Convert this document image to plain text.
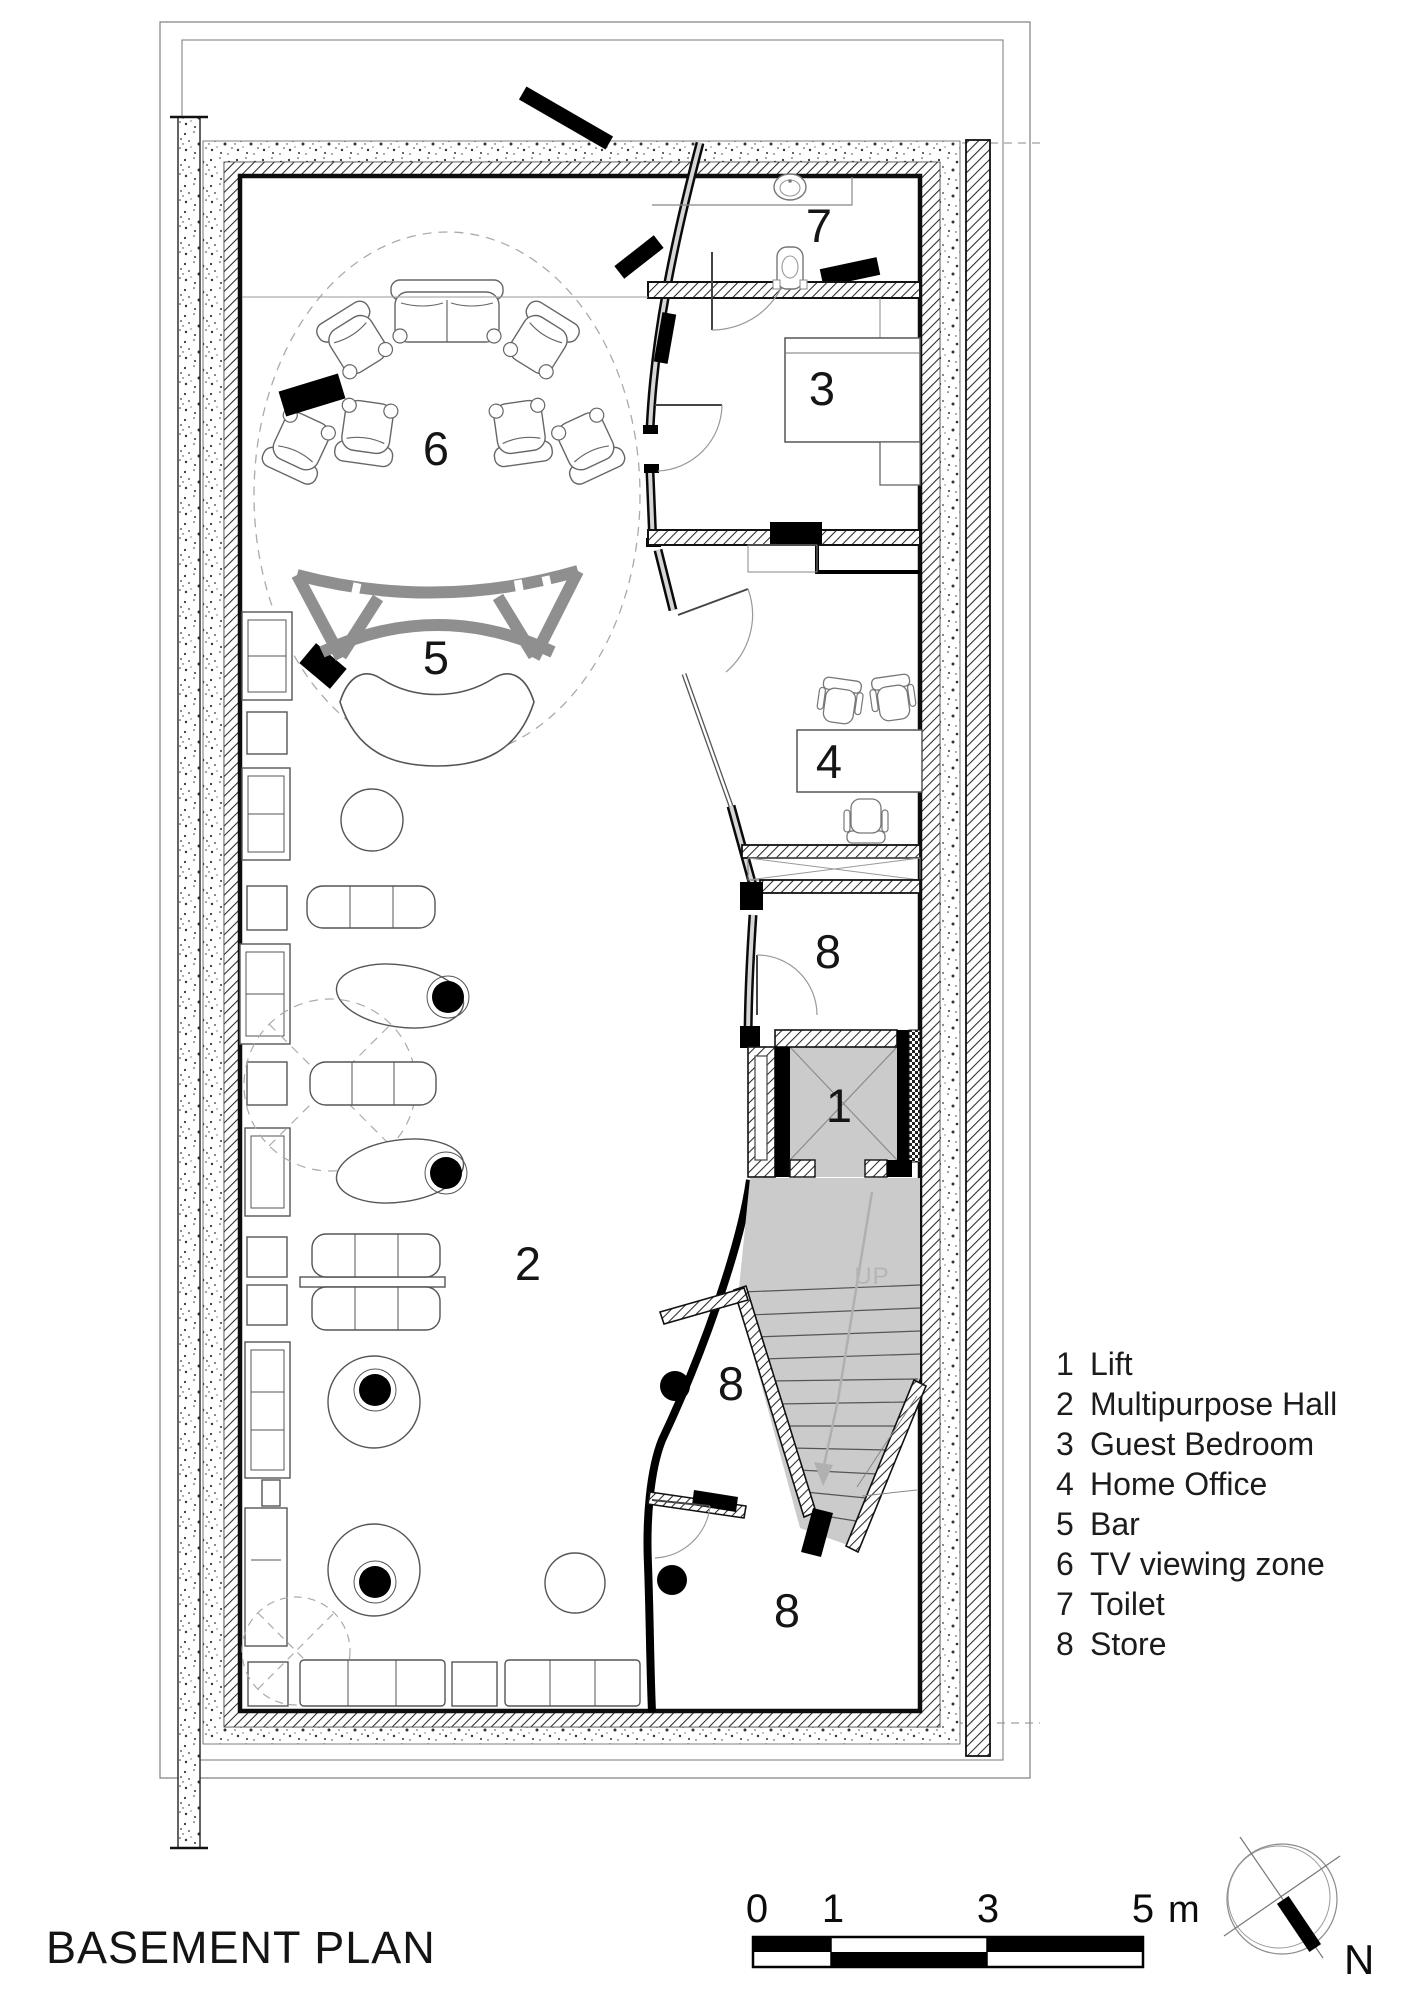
UP
1
2
3
4
5
6
7
8
8
8
0 1	3	5 m
N
1 Lift
2 Multipurpose Hall
3 Guest Bedroom
4 Home Office
5 Bar
6 TV viewing zone
7 Toilet
8 Store
BASEMENT PLAN
